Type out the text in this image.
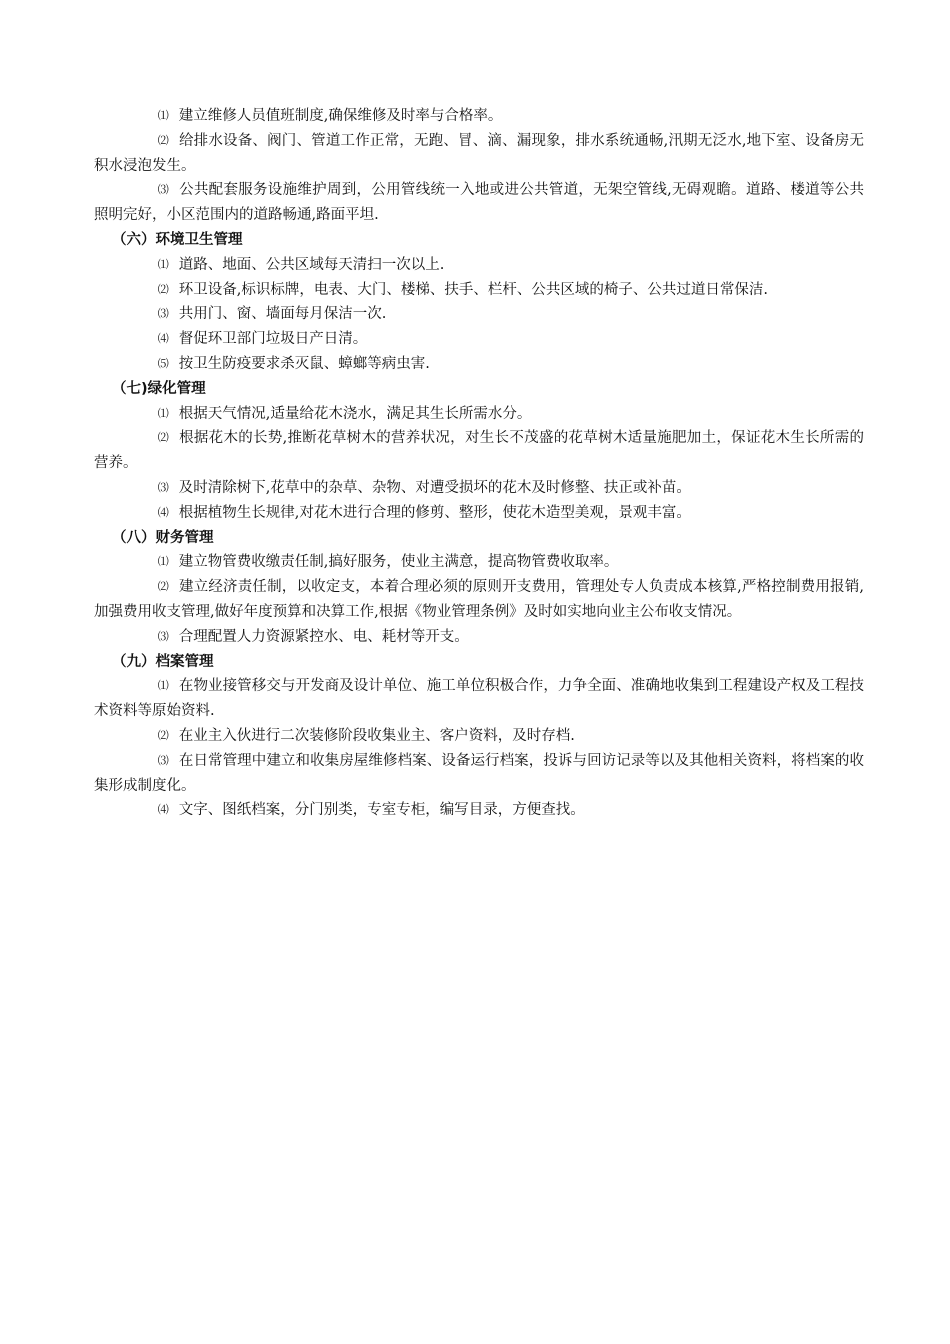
⑴ 建立维修人员值班制度,确保维修及时率与合格率。

⑵ 给排水设备、阀门、管道工作正常，无跑、冒、滴、漏现象，排水系统通畅,汛期无泛水,地下室、设备房无积水浸泡发生。

⑶ 公共配套服务设施维护周到，公用管线统一入地或进公共管道，无架空管线,无碍观瞻。道路、楼道等公共照明完好，小区范围内的道路畅通,路面平坦.

（六）环境卫生管理

⑴ 道路、地面、公共区域每天清扫一次以上.

⑵ 环卫设备,标识标牌，电表、大门、楼梯、扶手、栏杆、公共区域的椅子、公共过道日常保洁.

⑶ 共用门、窗、墙面每月保洁一次.

⑷ 督促环卫部门垃圾日产日清。

⑸ 按卫生防疫要求杀灭鼠、蟑螂等病虫害.

（七)绿化管理

⑴ 根据天气情况,适量给花木浇水，满足其生长所需水分。

⑵ 根据花木的长势,推断花草树木的营养状况，对生长不茂盛的花草树木适量施肥加土，保证花木生长所需的营养。

⑶ 及时清除树下,花草中的杂草、杂物、对遭受损坏的花木及时修整、扶正或补苗。

⑷ 根据植物生长规律,对花木进行合理的修剪、整形，使花木造型美观，景观丰富。

（八）财务管理

⑴ 建立物管费收缴责任制,搞好服务，使业主满意，提高物管费收取率。

⑵ 建立经济责任制，以收定支，本着合理必须的原则开支费用，管理处专人负责成本核算,严格控制费用报销,加强费用收支管理,做好年度预算和决算工作,根据《物业管理条例》及时如实地向业主公布收支情况。

⑶ 合理配置人力资源紧控水、电、耗材等开支。

（九）档案管理

⑴ 在物业接管移交与开发商及设计单位、施工单位积极合作，力争全面、准确地收集到工程建设产权及工程技术资料等原始资料.

⑵ 在业主入伙进行二次装修阶段收集业主、客户资料，及时存档.

⑶ 在日常管理中建立和收集房屋维修档案、设备运行档案，投诉与回访记录等以及其他相关资料，将档案的收集形成制度化。

⑷ 文字、图纸档案，分门别类，专室专柜，编写目录，方便查找。
